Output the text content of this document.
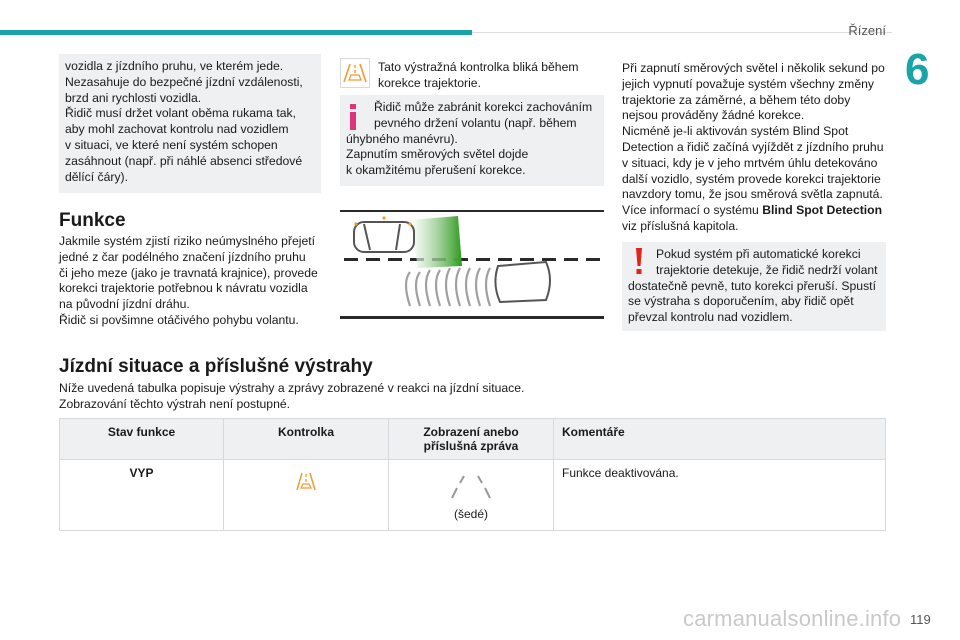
Řízení
6

vozidla z jízdního pruhu, ve kterém jede.

Nezasahuje do bezpečné jízdní vzdálenosti,

brzd ani rychlosti vozidla.

Řidič musí držet volant oběma rukama tak,

aby mohl zachovat kontrolu nad vozidlem

v situaci, ve které není systém schopen

zasáhnout (např. při náhlé absenci středové

dělící čáry).

Funkce

Jakmile systém zjistí riziko neúmyslného přejetí

jedné z čar podélného značení jízdního pruhu

či jeho meze (jako je travnatá krajnice), provede

korekci trajektorie potřebnou k návratu vozidla

na původní jízdní dráhu.

Řidič si povšimne otáčivého pohybu volantu.

Tato výstražná kontrolka bliká během

korekce trajektorie.

Řidič může zabránit korekci zachováním

pevného držení volantu (např. během

úhybného manévru).

Zapnutím směrových světel dojde

k okamžitému přerušení korekce.

Při zapnutí směrových světel i několik sekund po

jejich vypnutí považuje systém všechny změny

trajektorie za záměrné, a během této doby

nejsou prováděny žádné korekce.

Nicméně je-li aktivován systém Blind Spot

Detection a řidič začíná vyjíždět z jízdního pruhu

v situaci, kdy je v jeho mrtvém úhlu detekováno

další vozidlo, systém provede korekci trajektorie

navzdory tomu, že jsou směrová světla zapnutá.

Více informací o systému Blind Spot Detection

viz příslušná kapitola.

Pokud systém při automatické korekci

trajektorie detekuje, že řidič nedrží volant

dostatečně pevně, tuto korekci přeruší. Spustí

se výstraha s doporučením, aby řidič opět

převzal kontrolu nad vozidlem.

Jízdní situace a příslušné výstrahy

Níže uvedená tabulka popisuje výstrahy a zprávy zobrazené v reakci na jízdní situace.

Zobrazování těchto výstrah není postupné.

Stav funkce	Kontrolka	Zobrazení anebo
příslušná zpráva	Komentáře
VYP		(šedé)	Funkce deaktivována.
carmanualsonline.info 119
